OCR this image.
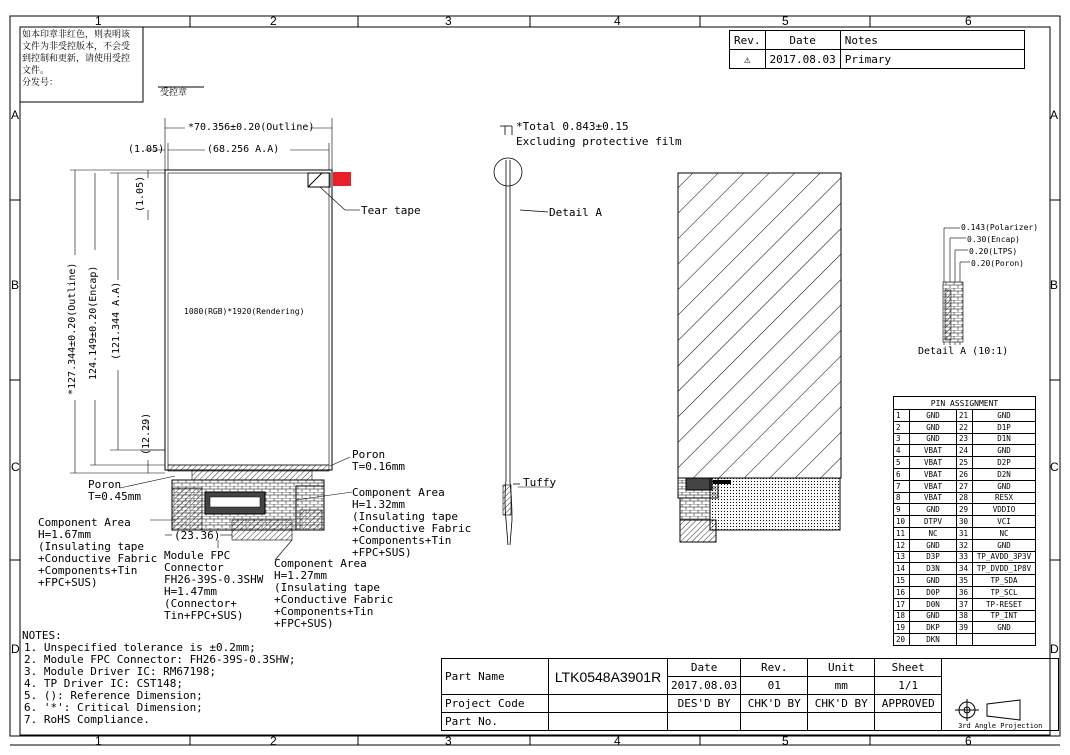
1	2	3	4	5	6
1	2	3	4	5	6
A
B
C
D
A
B
C
D
如本印章非红色，则表明该
文件为非受控版本，不会受
到控制和更新，请使用受控
文件。
分发号：
受控章
Rev.	Date	Notes
⚠	2017.08.03	Primary
*70.356±0.20(Outline)
(68.256 A.A)
(1.05)
(1.05)
*127.344±0.20(Outline) 124.149±0.20(Encap) (121.344 A.A)
(12.29)
1080(RGB)*1920(Rendering)
Tear tape
Poron
T=0.16mm
Poron
T=0.45mm
(23.36)
Component Area
H=1.32mm
(Insulating tape
+Conductive Fabric
+Components+Tin
+FPC+SUS)
Component Area
H=1.67mm
(Insulating tape
+Conductive Fabric
+Components+Tin
+FPC+SUS)
Module FPC
Connector
FH26-39S-0.3SHW
H=1.47mm
(Connector+
Tin+FPC+SUS)
Component Area
H=1.27mm
(Insulating tape
+Conductive Fabric
+Components+Tin
+FPC+SUS)
*Total 0.843±0.15
Excluding protective film
Detail A
Tuffy
0.143(Polarizer)
0.30(Encap)
0.20(LTPS)
0.20(Poron)
Detail A (10:1)
PIN ASSIGNMENT			
1	GND	21	GND
2	GND	22	D1P
3	GND	23	D1N
4	VBAT	24	GND
5	VBAT	25	D2P
6	VBAT	26	D2N
7	VBAT	27	GND
8	VBAT	28	RESX
9	GND	29	VDDIO
10	DTPV	30	VCI
11	NC	31	NC
12	GND	32	GND
13	D3P	33	TP_AVDD_3P3V
14	D3N	34	TP_DVDD_1P8V
15	GND	35	TP_SDA
16	D0P	36	TP_SCL
17	D0N	37	TP-RESET
18	GND	38	TP_INT
19	DKP	39	GND
20	DKN		
NOTES:
1. Unspecified tolerance is ±0.2mm;
2. Module FPC Connector: FH26-39S-0.3SHW;
3. Module Driver IC: RM67198;
4. TP Driver IC: CST148;
5. (): Reference Dimension;
6. '*': Critical Dimension;
7. RoHS Compliance.
Part Name	LTK0548A3901R	Date	Rev.	Unit	Sheet	3rd Angle Projection
		2017.08.03	01	mm	1/1	
Project Code		DES'D BY	CHK'D BY	CHK'D BY	APPROVED	
Part No.						
